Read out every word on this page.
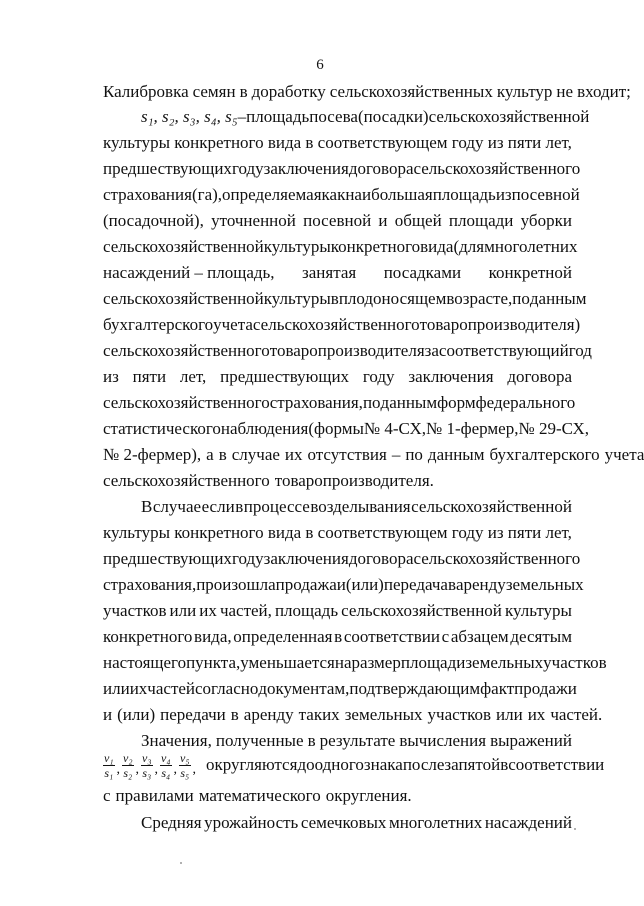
6
Калибровка семян в доработку сельскохозяйственных культур не входит;
s₁, s₂, s₃, s₄, s₅ – площадь посева (посадки) сельскохозяйственной
культуры конкретного вида в соответствующем году из пяти лет,
предшествующих году заключения договора сельскохозяйственного
страхования (га), определяемая как наибольшая площадь из посевной
(посадочной), уточненной посевной и общей площади уборки
сельскохозяйственной культуры конкретного вида (для многолетних
насаждений – площадь, занятая посадками конкретной
сельскохозяйственной культуры в плодоносящем возрасте, по данным
бухгалтерского учета сельскохозяйственного товаропроизводителя)
сельскохозяйственного товаропроизводителя за соответствующий год
из пяти лет, предшествующих году заключения договора
сельскохозяйственного страхования, по данным форм федерального
статистического наблюдения (формы № 4-СХ, № 1-фермер, № 29-СХ,
№ 2-фермер), а в случае их отсутствия – по данным бухгалтерского учета
сельскохозяйственного товаропроизводителя.
В случае если в процессе возделывания сельскохозяйственной
культуры конкретного вида в соответствующем году из пяти лет,
предшествующих году заключения договора сельскохозяйственного
страхования, произошла продажа и (или) передача в аренду земельных
участков или их частей, площадь сельскохозяйственной культуры
конкретного вида, определенная в соответствии с абзацем десятым
настоящего пункта, уменьшается на размер площади земельных участков
или их частей согласно документам, подтверждающим факт продажи
и (или) передачи в аренду таких земельных участков или их частей.
Значения, полученные в результате вычисления выражений
$\frac{\text{v₁}}{\text{s₁}}$ , $\frac{\text{v₂}}{\text{s₂}}$ , $\frac{\text{v₃}}{\text{s₃}}$ , $\frac{\text{v₄}}{\text{s₄}}$ , $\frac{\text{v₅}}{\text{s₅}}$ , округляются до одного знака после запятой в соответствии
с правилами математического округления.
Средняя урожайность семечковых многолетних насаждений
